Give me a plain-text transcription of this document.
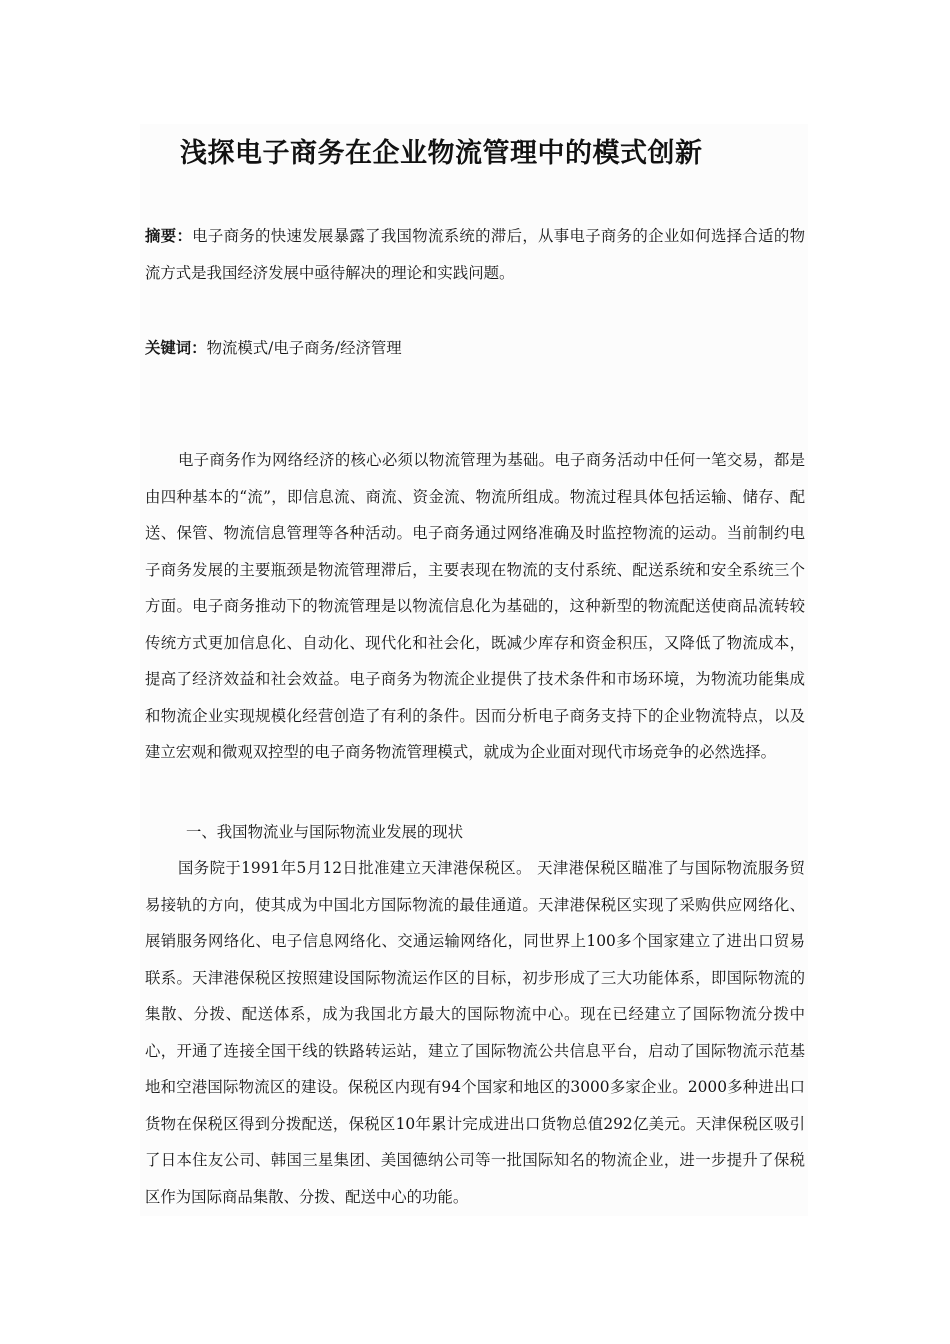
浅探电子商务在企业物流管理中的模式创新
摘要：电子商务的快速发展暴露了我国物流系统的滞后，从事电子商务的企业如何选择合适的物流方式是我国经济发展中亟待解决的理论和实践问题。
关键词：物流模式/电子商务/经济管理
电子商务作为网络经济的核心必须以物流管理为基础。电子商务活动中任何一笔交易，都是由四种基本的“流”，即信息流、商流、资金流、物流所组成。物流过程具体包括运输、储存、配送、保管、物流信息管理等各种活动。电子商务通过网络准确及时监控物流的运动。当前制约电子商务发展的主要瓶颈是物流管理滞后，主要表现在物流的支付系统、配送系统和安全系统三个方面。电子商务推动下的物流管理是以物流信息化为基础的，这种新型的物流配送使商品流转较传统方式更加信息化、自动化、现代化和社会化，既减少库存和资金积压，又降低了物流成本，提高了经济效益和社会效益。电子商务为物流企业提供了技术条件和市场环境，为物流功能集成和物流企业实现规模化经营创造了有利的条件。因而分析电子商务支持下的企业物流特点，以及建立宏观和微观双控型的电子商务物流管理模式，就成为企业面对现代市场竞争的必然选择。
一、我国物流业与国际物流业发展的现状
国务院于1991年5月12日批准建立天津港保税区。 天津港保税区瞄准了与国际物流服务贸易接轨的方向，使其成为中国北方国际物流的最佳通道。天津港保税区实现了采购供应网络化、展销服务网络化、电子信息网络化、交通运输网络化，同世界上100多个国家建立了进出口贸易联系。天津港保税区按照建设国际物流运作区的目标，初步形成了三大功能体系，即国际物流的集散、分拨、配送体系，成为我国北方最大的国际物流中心。现在已经建立了国际物流分拨中心，开通了连接全国干线的铁路转运站，建立了国际物流公共信息平台，启动了国际物流示范基地和空港国际物流区的建设。保税区内现有94个国家和地区的3000多家企业。2000多种进出口货物在保税区得到分拨配送，保税区10年累计完成进出口货物总值292亿美元。天津保税区吸引了日本住友公司、韩国三星集团、美国德纳公司等一批国际知名的物流企业，进一步提升了保税区作为国际商品集散、分拨、配送中心的功能。
